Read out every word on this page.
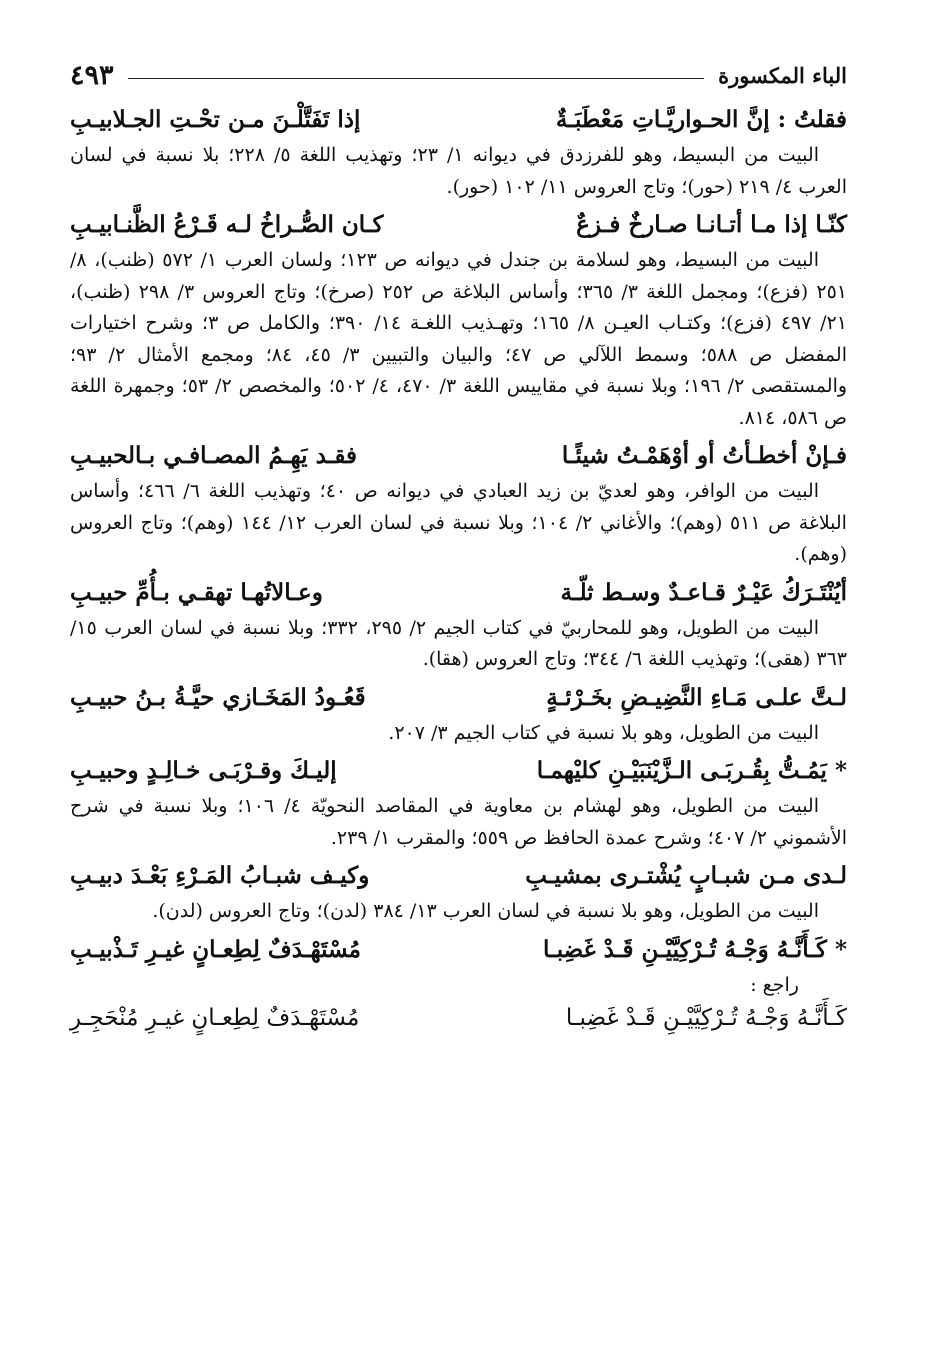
الباء المكسورة
٤٩٣
فقلتُ : إنَّ الحـواريَّـاتِ مَعْطَبَـةٌ
إذا تَفَتَّلْـنَ مـن تحْـتِ الجـلابيـبِ

البيت من البسيط، وهو للفرزدق في ديوانه ١/ ٢٣؛ وتهذيب اللغة ٥/ ٢٢٨؛ بلا نسبة في لسان العرب ٤/ ٢١٩ (حور)؛ وتاج العروس ١١/ ١٠٢ (حور).

كنّـا إذا مـا أتـانـا صـارخٌ فـزعٌ
كـان الصُّـراخُ لـه قَـرْعُ الظَّنـابيـبِ

البيت من البسيط، وهو لسلامة بن جندل في ديوانه ص ١٢٣؛ ولسان العرب ١/ ٥٧٢ (ظنب)، ٨/ ٢٥١ (فزع)؛ ومجمل اللغة ٣/ ٣٦٥؛ وأساس البلاغة ص ٢٥٢ (صرخ)؛ وتاج العروس ٣/ ٢٩٨ (ظنب)، ٢١/ ٤٩٧ (فزع)؛ وكتـاب العيـن ٨/ ١٦٥؛ وتهـذيب اللغـة ١٤/ ٣٩٠؛ والكامل ص ٣؛ وشرح اختيارات المفضل ص ٥٨٨؛ وسمط اللآلي ص ٤٧؛ والبيان والتبيين ٣/ ٤٥، ٨٤؛ ومجمع الأمثال ٢/ ٩٣؛ والمستقصى ٢/ ١٩٦؛ وبلا نسبة في مقاييس اللغة ٣/ ٤٧٠، ٤/ ٥٠٢؛ والمخصص ٢/ ٥٣؛ وجمهرة اللغة ص ٥٨٦، ٨١٤.

فـإنْ أخطـأتُ أو أوْهَمْـتُ شيئًـا
فقـد يَهِـمُ المصـافـي بـالحبيـبِ

البيت من الوافر، وهو لعديّ بن زيد العبادي في ديوانه ص ٤٠؛ وتهذيب اللغة ٦/ ٤٦٦؛ وأساس البلاغة ص ٥١١ (وهم)؛ والأغاني ٢/ ١٠٤؛ وبلا نسبة في لسان العرب ١٢/ ١٤٤ (وهم)؛ وتاج العروس (وهم).

أيُنْتَـرَكُ عَيْـرٌ قـاعـدٌ وسـط ثلّـة
وعـالاتُهـا تهقـي بـأُمِّ حبيـبِ

البيت من الطويل، وهو للمحاربيّ في كتاب الجيم ٢/ ٢٩٥، ٣٣٢؛ وبلا نسبة في لسان العرب ١٥/ ٣٦٣ (هقى)؛ وتهذيب اللغة ٦/ ٣٤٤؛ وتاج العروس (هقا).

لـتَّ علـى مَـاءِ النَّضِيـضِ بخَـرْئـةٍ
قَعُـودُ المَخَـازي حيَّـةُ بـنُ حبيـبِ

البيت من الطويل، وهو بلا نسبة في كتاب الجيم ٣/ ٢٠٧.

* يَمُـتُّ بِقُـربَـى الـزَّيْنَبَيْـنِ كليْهمـا
إليـكَ وقـرْبَـى خـالِـدٍ وحبيـبِ

البيت من الطويل، وهو لهشام بن معاوية في المقاصد النحويّة ٤/ ١٠٦؛ وبلا نسبة في شرح الأشموني ٢/ ٤٠٧؛ وشرح عمدة الحافظ ص ٥٥٩؛ والمقرب ١/ ٢٣٩.

لـدى مـن شبـابٍ يُشْتـرى بمشيـبِ
وكيـف شبـابُ المَـرْءِ بَعْـدَ دبيـبِ

البيت من الطويل، وهو بلا نسبة في لسان العرب ١٣/ ٣٨٤ (لدن)؛ وتاج العروس (لدن).

* كَـأَنَّـهُ وَجْـهُ تُـرْكِيَّيْـنِ قَـدْ غَضِبـا
مُسْتَهْـدَفٌ لِطِعـانٍ غيـرِ تَـذْبيـبِ
راجع :
كَـأَنَّـهُ وَجْـهُ تُـرْكِيَّيْـنِ قَـدْ غَضِبـا
مُسْتَهْـدَفٌ لِطِعـانٍ غيـرِ مُنْحَجِـرِ
